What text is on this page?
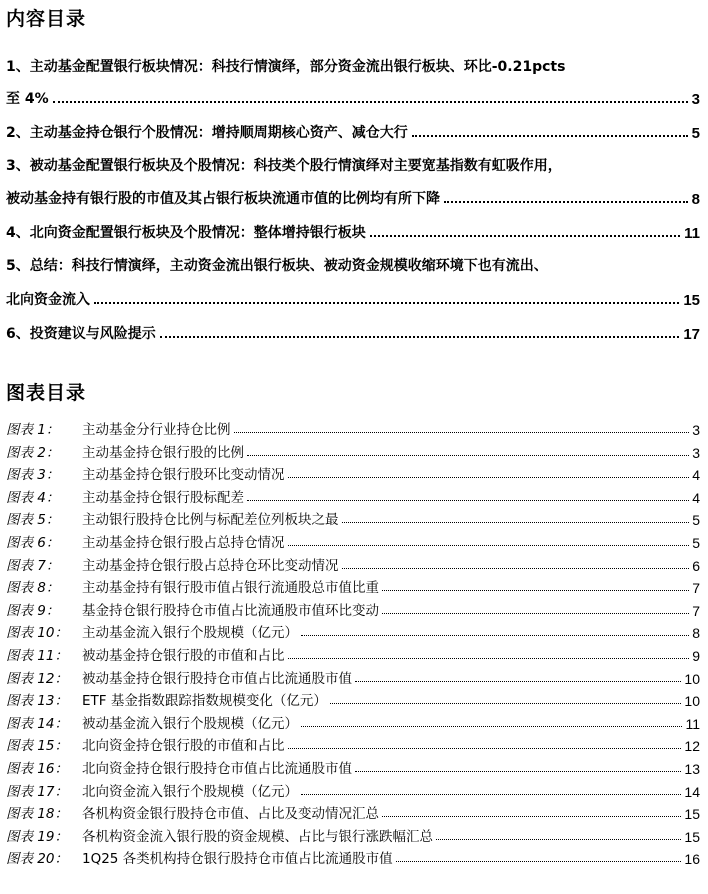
内容目录
1、主动基金配置银行板块情况：科技行情演绎，部分资金流出银行板块、环比-0.21pcts
至 4%	3
2、主动基金持仓银行个股情况：增持顺周期核心资产、减仓大行	5
3、被动基金配置银行板块及个股情况：科技类个股行情演绎对主要宽基指数有虹吸作用，
被动基金持有银行股的市值及其占银行板块流通市值的比例均有所下降	8
4、北向资金配置银行板块及个股情况：整体增持银行板块	11
5、总结：科技行情演绎，主动资金流出银行板块、被动资金规模收缩环境下也有流出、
北向资金流入	15
6、投资建议与风险提示	17
图表目录
图表 1：	主动基金分行业持仓比例	3
图表 2：	主动基金持仓银行股的比例	3
图表 3：	主动基金持仓银行股环比变动情况	4
图表 4：	主动基金持仓银行股标配差	4
图表 5：	主动银行股持仓比例与标配差位列板块之最	5
图表 6：	主动基金持仓银行股占总持仓情况	5
图表 7：	主动基金持仓银行股占总持仓环比变动情况	6
图表 8：	主动基金持有银行股市值占银行流通股总市值比重	7
图表 9：	基金持仓银行股持仓市值占比流通股市值环比变动	7
图表 10：	主动基金流入银行个股规模（亿元）	8
图表 11：	被动基金持仓银行股的市值和占比	9
图表 12：	被动基金持仓银行股持仓市值占比流通股市值	10
图表 13：	ETF 基金指数跟踪指数规模变化（亿元）	10
图表 14：	被动基金流入银行个股规模（亿元）	11
图表 15：	北向资金持仓银行股的市值和占比	12
图表 16：	北向资金持仓银行股持仓市值占比流通股市值	13
图表 17：	北向资金流入银行个股规模（亿元）	14
图表 18：	各机构资金银行股持仓市值、占比及变动情况汇总	15
图表 19：	各机构资金流入银行股的资金规模、占比与银行涨跌幅汇总	15
图表 20：	1Q25 各类机构持仓银行股持仓市值占比流通股市值	16
